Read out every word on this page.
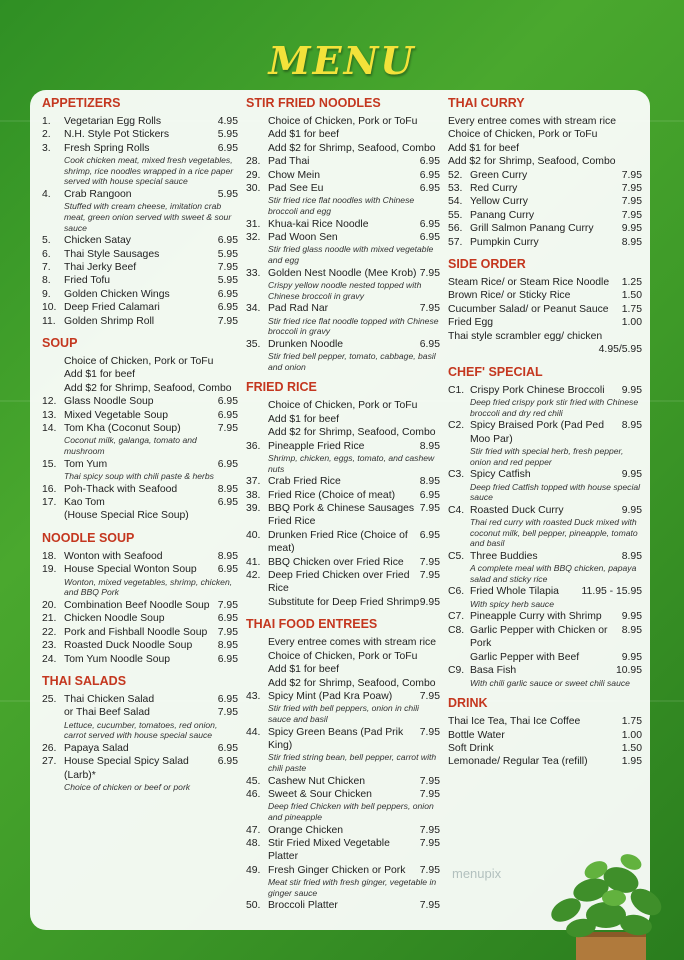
MENU
APPETIZERS
1.	Vegetarian Egg Rolls	4.95
2.	N.H. Style Pot Stickers	5.95
3.	Fresh Spring Rolls	6.95
Cook chicken meat, mixed fresh vegetables, shrimp, rice noodles wrapped in a rice paper served with house special sauce
4.	Crab Rangoon	5.95
Stuffed with cream cheese, imitation crab meat, green onion served with sweet & sour sauce
5.	Chicken Satay	6.95
6.	Thai Style Sausages	5.95
7.	Thai Jerky Beef	7.95
8.	Fried Tofu	5.95
9.	Golden Chicken Wings	6.95
10. Deep Fried Calamari	6.95
11. Golden Shrimp Roll	7.95
SOUP
Choice of Chicken, Pork or ToFu
Add $1 for beef
Add $2 for Shrimp, Seafood, Combo
12. Glass Noodle Soup	6.95
13. Mixed Vegetable Soup	6.95
14. Tom Kha (Coconut Soup)	7.95
Coconut milk, galanga, tomato and mushroom
15. Tom Yum	6.95
Thai spicy soup with chili paste & herbs
16. Poh-Thack with Seafood	8.95
17. Kao Tom	6.95
(House Special Rice Soup)
NOODLE SOUP
18. Wonton with Seafood	8.95
19. House Special Wonton Soup	6.95
Wonton, mixed vegetables, shrimp, chicken, and BBQ Pork
20. Combination Beef Noodle Soup 7.95
21. Chicken Noodle Soup	6.95
22. Pork and Fishball Noodle Soup	7.95
23. Roasted Duck Noodle Soup	8.95
24. Tom Yum Noodle Soup	6.95
THAI SALADS
25. Thai Chicken Salad	6.95
or Thai Beef Salad	7.95
Lettuce, cucumber, tomatoes, red onion, carrot served with house special sauce
26. Papaya Salad	6.95
27. House Special Spicy Salad	6.95
(Larb)*
Choice of chicken or beef or pork
STIR FRIED NOODLES
Choice of Chicken, Pork or ToFu
Add $1 for beef
Add $2 for Shrimp, Seafood, Combo
28. Pad Thai	6.95
29. Chow Mein	6.95
30. Pad See Eu	6.95
Stir fried rice flat noodles with Chinese broccoli and egg
31. Khua-kai Rice Noodle	6.95
32. Pad Woon Sen	6.95
Stir fried glass noodle with mixed vegetable and egg
33. Golden Nest Noodle (Mee Krob) 7.95
Crispy yellow noodle nested topped with Chinese broccoli in gravy
34. Pad Rad Nar	7.95
Stir fried rice flat noodle topped with Chinese broccoli in gravy
35. Drunken Noodle	6.95
Stir fried bell pepper, tomato, cabbage, basil and onion
FRIED RICE
Choice of Chicken, Pork or ToFu
Add $1 for beef
Add $2 for Shrimp, Seafood, Combo
36. Pineapple Fried Rice	8.95
Shrimp, chicken, eggs, tomato, and cashew nuts
37. Crab Fried Rice	8.95
38. Fried Rice (Choice of meat)	6.95
39. BBQ Pork & Chinese Sausages Fried Rice
7.95
40. Drunken Fried Rice (Choice of meat)
6.95
41. BBQ Chicken over Fried Rice	7.95
42. Deep Fried Chicken over Fried Rice
7.95
Substitute for Deep Fried Shrimp 9.95
THAI FOOD ENTREES
Every entree comes with stream rice
Choice of Chicken, Pork or ToFu
Add $1 for beef
Add $2 for Shrimp, Seafood, Combo
43. Spicy Mint (Pad Kra Poaw)	7.95
Stir fried with bell peppers, onion in chili sauce and basil
44. Spicy Green Beans (Pad Prik King)
7.95
Stir fried string bean, bell pepper, carrot with chili paste
45. Cashew Nut Chicken	7.95
46. Sweet & Sour Chicken	7.95
Deep fried Chicken with bell peppers, onion and pineapple
47. Orange Chicken	7.95
48. Stir Fried Mixed Vegetable Platter
7.95
49. Fresh Ginger Chicken or Pork	7.95
Meat stir fried with fresh ginger, vegetable in ginger sauce
50. Broccoli Platter	7.95
THAI CURRY
Every entree comes with stream rice
Choice of Chicken, Pork or ToFu
Add $1 for beef
Add $2 for Shrimp, Seafood, Combo
52. Green Curry	7.95
53. Red Curry	7.95
54. Yellow Curry	7.95
55. Panang Curry	7.95
56. Grill Salmon Panang Curry	9.95
57. Pumpkin Curry	8.95
SIDE ORDER
Steam Rice/ or Steam Rice Noodle	1.25
Brown Rice/ or Sticky Rice	1.50
Cucumber Salad/ or Peanut Sauce	1.75
Fried Egg	1.00
Thai style scrambler egg/ chicken
4.95/5.95
CHEF' SPECIAL
C1. Crispy Pork Chinese Broccoli	9.95
Deep fried crispy pork stir fried with Chinese broccoli and dry red chili
C2. Spicy Braised Pork (Pad Ped Moo Par)
8.95
Stir fried with special herb, fresh pepper, onion and red pepper
C3. Spicy Catfish	9.95
Deep fried Catfish topped with house special sauce
C4. Roasted Duck Curry	9.95
Thai red curry with roasted Duck mixed with coconut milk, bell pepper, pineapple, tomato and basil
C5. Three Buddies	8.95
A complete meal with BBQ chicken, papaya salad and sticky rice
C6. Fried Whole Tilapia	11.95 - 15.95
With spicy herb sauce
C7. Pineapple Curry with Shrimp	9.95
C8. Garlic Pepper with Chicken or Pork
8.95
Garlic Pepper with Beef	9.95
C9. Basa Fish	10.95
With chili garlic sauce or sweet chili sauce
DRINK
Thai Ice Tea, Thai Ice Coffee	1.75
Bottle Water	1.00
Soft Drink	1.50
Lemonade/ Regular Tea (refill)	1.95
menupix
